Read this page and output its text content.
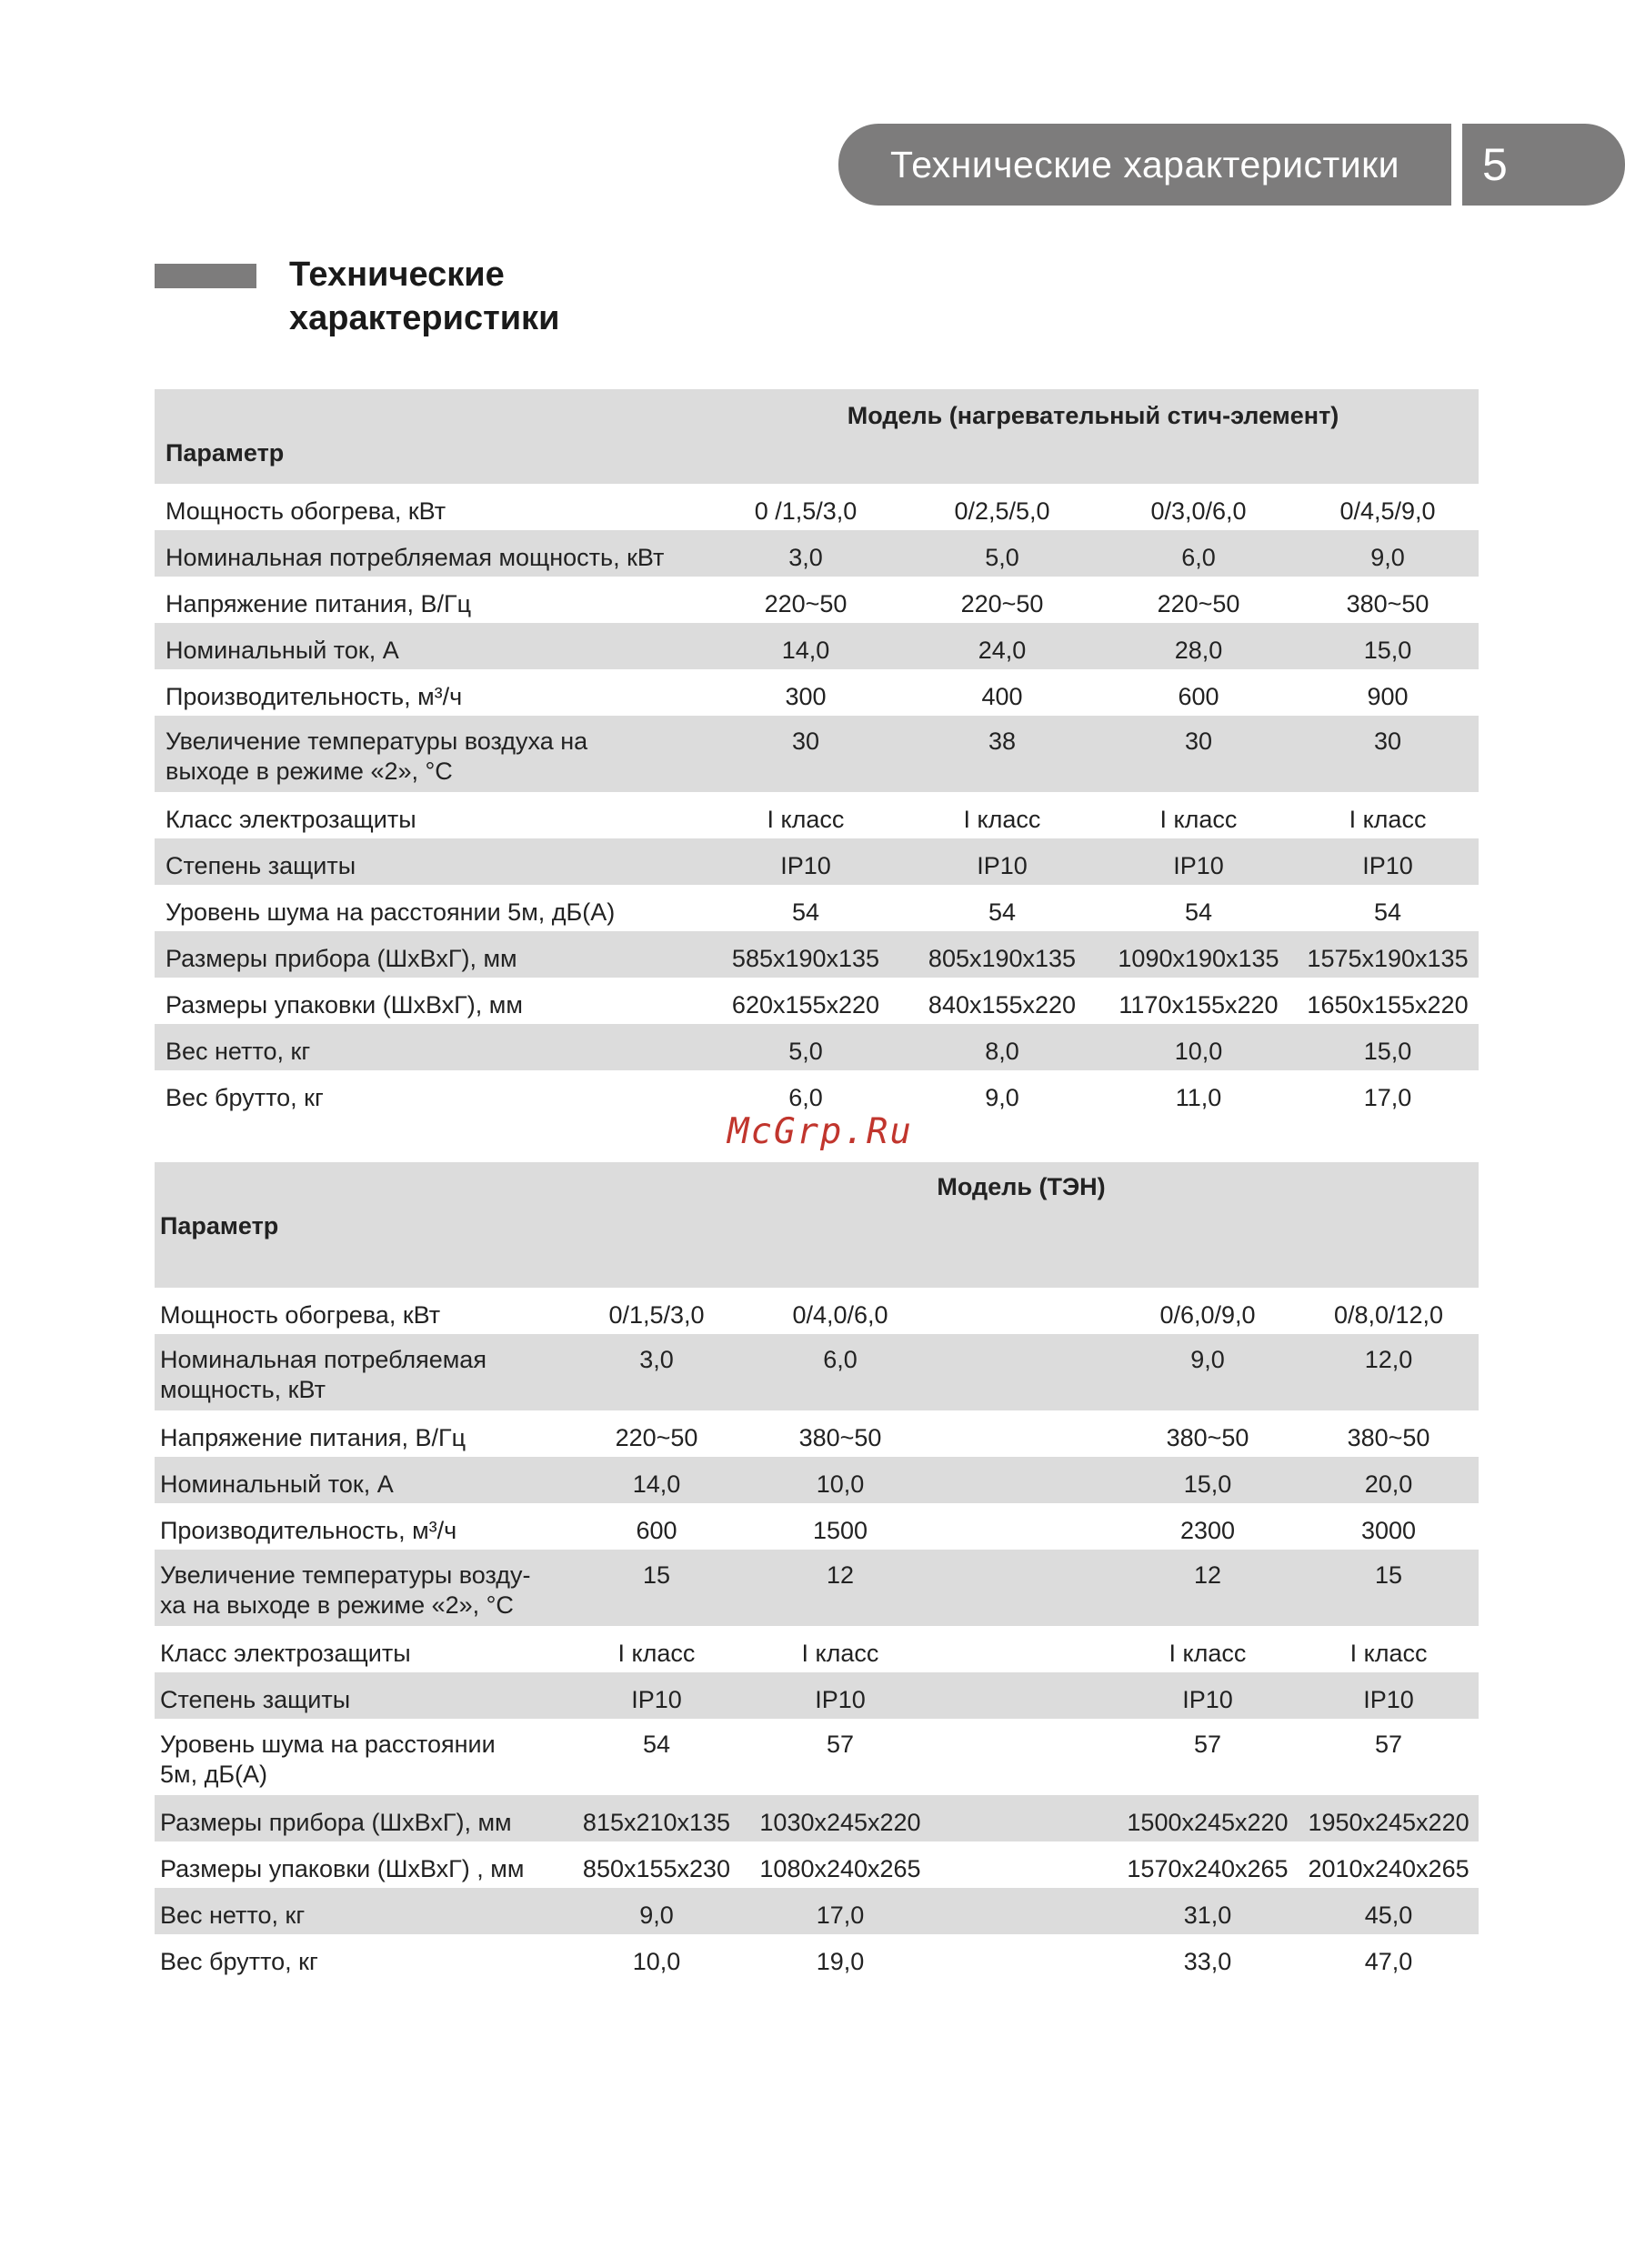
Технические характеристики	5
Технические
характеристики
	Модель (нагревательный стич-элемент)			
Параметр				
Мощность обогрева, кВт	0 /1,5/3,0	0/2,5/5,0	0/3,0/6,0	0/4,5/9,0
Номинальная потребляемая мощность, кВт	3,0	5,0	6,0	9,0
Напряжение питания, В/Гц	220~50	220~50	220~50	380~50
Номинальный ток, А	14,0	24,0	28,0	15,0
Производительность, м³/ч	300	400	600	900

Увеличение температуры воздуха на
выходе в режиме «2», °С	30	38	30	30
Класс электрозащиты	I класс	I класс	I класс	I класс
Степень защиты	IP10	IP10	IP10	IP10
Уровень шума на расстоянии 5м, дБ(А)	54	54	54	54
Размеры прибора (ШхВхГ), мм	585x190x135	805x190x135	1090x190x135	1575x190x135
Размеры упаковки (ШхВхГ), мм	620x155x220	840x155x220	1170x155x220	1650x155x220
Вес нетто, кг	5,0	8,0	10,0	15,0
Вес брутто, кг	6,0	9,0	11,0	17,0
McGrp.Ru
	Модель (ТЭН)				
Параметр					
Мощность обогрева, кВт	0/1,5/3,0	0/4,0/6,0		0/6,0/9,0	0/8,0/12,0

Номинальная потребляемая
мощность, кВт	3,0	6,0		9,0	12,0
Напряжение питания, В/Гц	220~50	380~50		380~50	380~50
Номинальный ток, А	14,0	10,0		15,0	20,0
Производительность, м³/ч	600	1500		2300	3000

Увеличение температуры возду-
ха на выходе в режиме «2», °С	15	12		12	15
Класс электрозащиты	I класс	I класс		I класс	I класс
Степень защиты	IP10	IP10		IP10	IP10

Уровень шума на расстоянии
5м, дБ(А)	54	57		57	57
Размеры прибора (ШхВхГ), мм	815x210x135	1030x245x220		1500x245x220	1950x245x220
Размеры упаковки (ШхВхГ) , мм	850x155x230	1080x240x265		1570x240x265	2010x240x265
Вес нетто, кг	9,0	17,0		31,0	45,0
Вес брутто, кг	10,0	19,0		33,0	47,0
